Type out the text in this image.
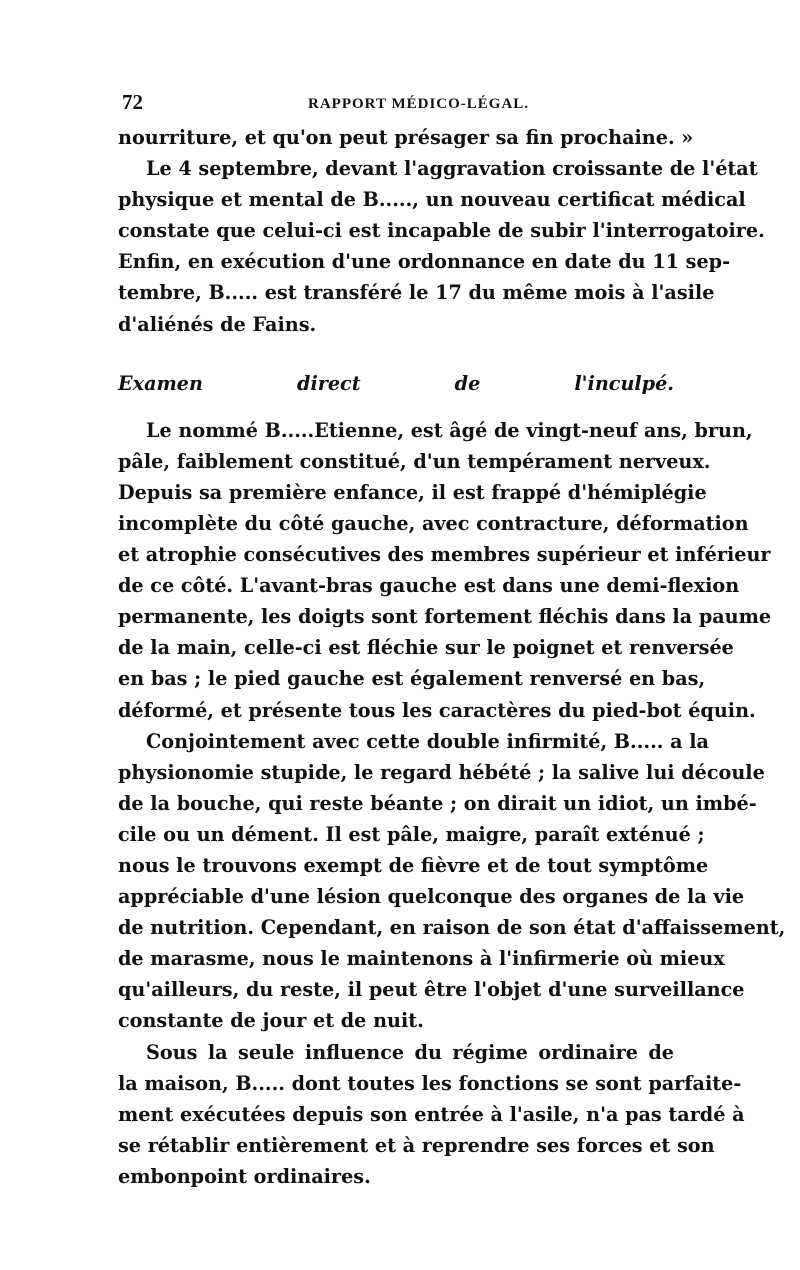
72	RAPPORT MÉDICO-LÉGAL.
nourriture, et qu'on peut présager sa fin prochaine. »
Le 4 septembre, devant l'aggravation croissante de l'état
physique et mental de B....., un nouveau certificat médical
constate que celui-ci est incapable de subir l'interrogatoire.
Enfin, en exécution d'une ordonnance en date du 11 sep-
tembre, B..... est transféré le 17 du même mois à l'asile
d'aliénés de Fains.
Examen direct de l'inculpé.
Le nommé B.....Etienne, est âgé de vingt-neuf ans, brun,
pâle, faiblement constitué, d'un tempérament nerveux.
Depuis sa première enfance, il est frappé d'hémiplégie
incomplète du côté gauche, avec contracture, déformation
et atrophie consécutives des membres supérieur et inférieur
de ce côté. L'avant-bras gauche est dans une demi-flexion
permanente, les doigts sont fortement fléchis dans la paume
de la main, celle-ci est fléchie sur le poignet et renversée
en bas ; le pied gauche est également renversé en bas,
déformé, et présente tous les caractères du pied-bot équin.
Conjointement avec cette double infirmité, B..... a la
physionomie stupide, le regard hébété ; la salive lui découle
de la bouche, qui reste béante ; on dirait un idiot, un imbé-
cile ou un dément. Il est pâle, maigre, paraît exténué ;
nous le trouvons exempt de fièvre et de tout symptôme
appréciable d'une lésion quelconque des organes de la vie
de nutrition. Cependant, en raison de son état d'affaissement,
de marasme, nous le maintenons à l'infirmerie où mieux
qu'ailleurs, du reste, il peut être l'objet d'une surveillance
constante de jour et de nuit.
Sous la seule influence du régime ordinaire de
la maison, B..... dont toutes les fonctions se sont parfaite-
ment exécutées depuis son entrée à l'asile, n'a pas tardé à
se rétablir entièrement et à reprendre ses forces et son
embonpoint ordinaires.
